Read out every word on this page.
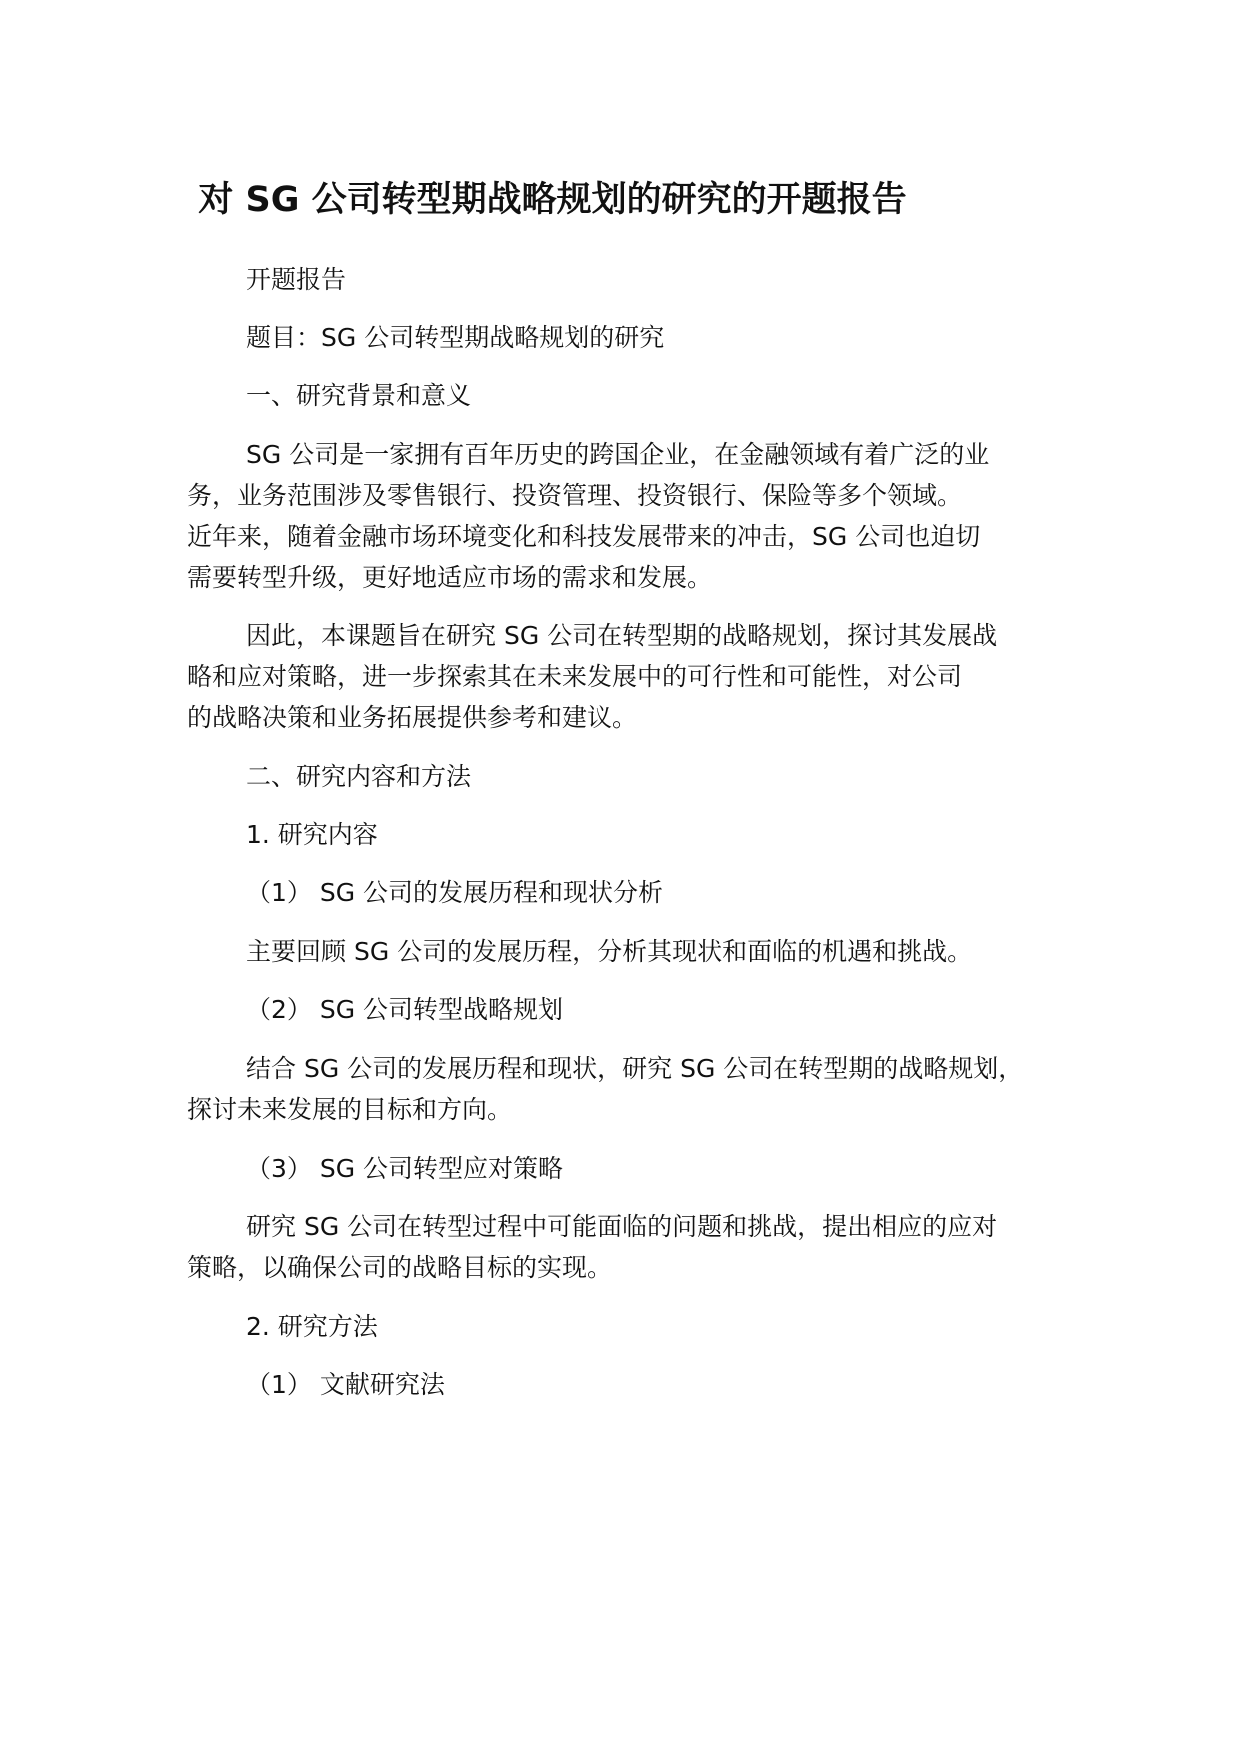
对 SG 公司转型期战略规划的研究的开题报告
开题报告
题目：SG 公司转型期战略规划的研究
一、研究背景和意义
SG 公司是一家拥有百年历史的跨国企业，在金融领域有着广泛的业
务，业务范围涉及零售银行、投资管理、投资银行、保险等多个领域。
近年来，随着金融市场环境变化和科技发展带来的冲击，SG 公司也迫切
需要转型升级，更好地适应市场的需求和发展。
因此，本课题旨在研究 SG 公司在转型期的战略规划，探讨其发展战
略和应对策略，进一步探索其在未来发展中的可行性和可能性，对公司
的战略决策和业务拓展提供参考和建议。
二、研究内容和方法
1. 研究内容
（1） SG 公司的发展历程和现状分析
主要回顾 SG 公司的发展历程，分析其现状和面临的机遇和挑战。
（2） SG 公司转型战略规划
结合 SG 公司的发展历程和现状，研究 SG 公司在转型期的战略规划，
探讨未来发展的目标和方向。
（3） SG 公司转型应对策略
研究 SG 公司在转型过程中可能面临的问题和挑战，提出相应的应对
策略，以确保公司的战略目标的实现。
2. 研究方法
（1） 文献研究法
